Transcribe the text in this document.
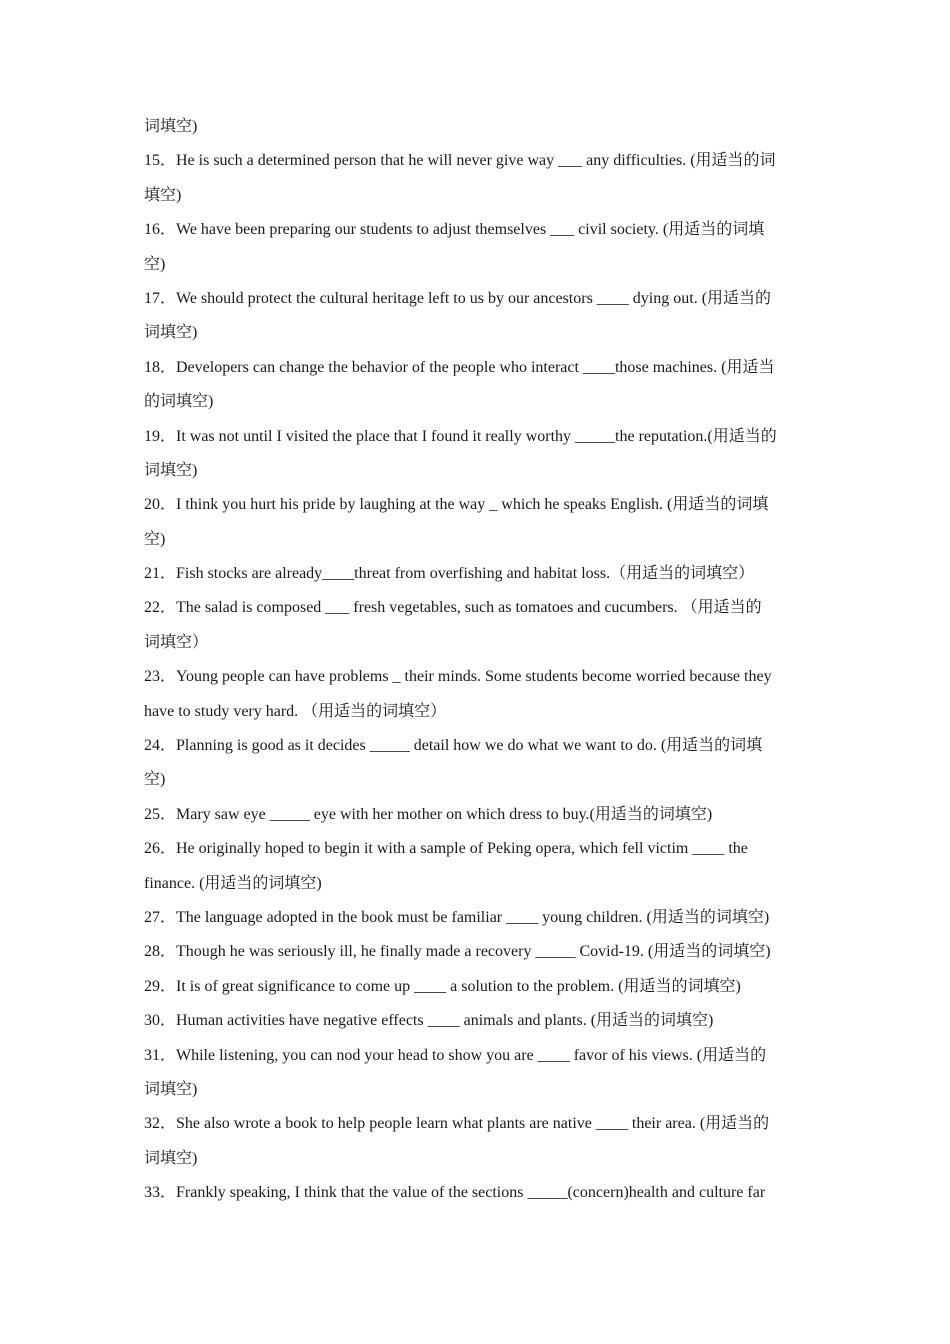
词填空)
15．He is such a determined person that he will never give way ___ any difficulties. (用适当的词
填空)
16．We have been preparing our students to adjust themselves ___ civil society. (用适当的词填
空)
17．We should protect the cultural heritage left to us by our ancestors ____ dying out. (用适当的
词填空)
18．Developers can change the behavior of the people who interact ____those machines. (用适当
的词填空)
19．It was not until I visited the place that I found it really worthy _____the reputation.(用适当的
词填空)
20．I think you hurt his pride by laughing at the way _ which he speaks English. (用适当的词填
空)
21．Fish stocks are already____threat from overfishing and habitat loss.（用适当的词填空）
22．The salad is composed ___ fresh vegetables, such as tomatoes and cucumbers. （用适当的
词填空）
23．Young people can have problems _ their minds. Some students become worried because they
have to study very hard. （用适当的词填空）
24．Planning is good as it decides _____ detail how we do what we want to do. (用适当的词填
空)
25．Mary saw eye _____ eye with her mother on which dress to buy.(用适当的词填空)
26．He originally hoped to begin it with a sample of Peking opera, which fell victim ____ the
finance. (用适当的词填空)
27．The language adopted in the book must be familiar ____ young children. (用适当的词填空)
28．Though he was seriously ill, he finally made a recovery _____ Covid-19. (用适当的词填空)
29．It is of great significance to come up ____ a solution to the problem. (用适当的词填空)
30．Human activities have negative effects ____ animals and plants. (用适当的词填空)
31．While listening, you can nod your head to show you are ____ favor of his views. (用适当的
词填空)
32．She also wrote a book to help people learn what plants are native ____ their area. (用适当的
词填空)
33．Frankly speaking, I think that the value of the sections _____(concern)health and culture far
